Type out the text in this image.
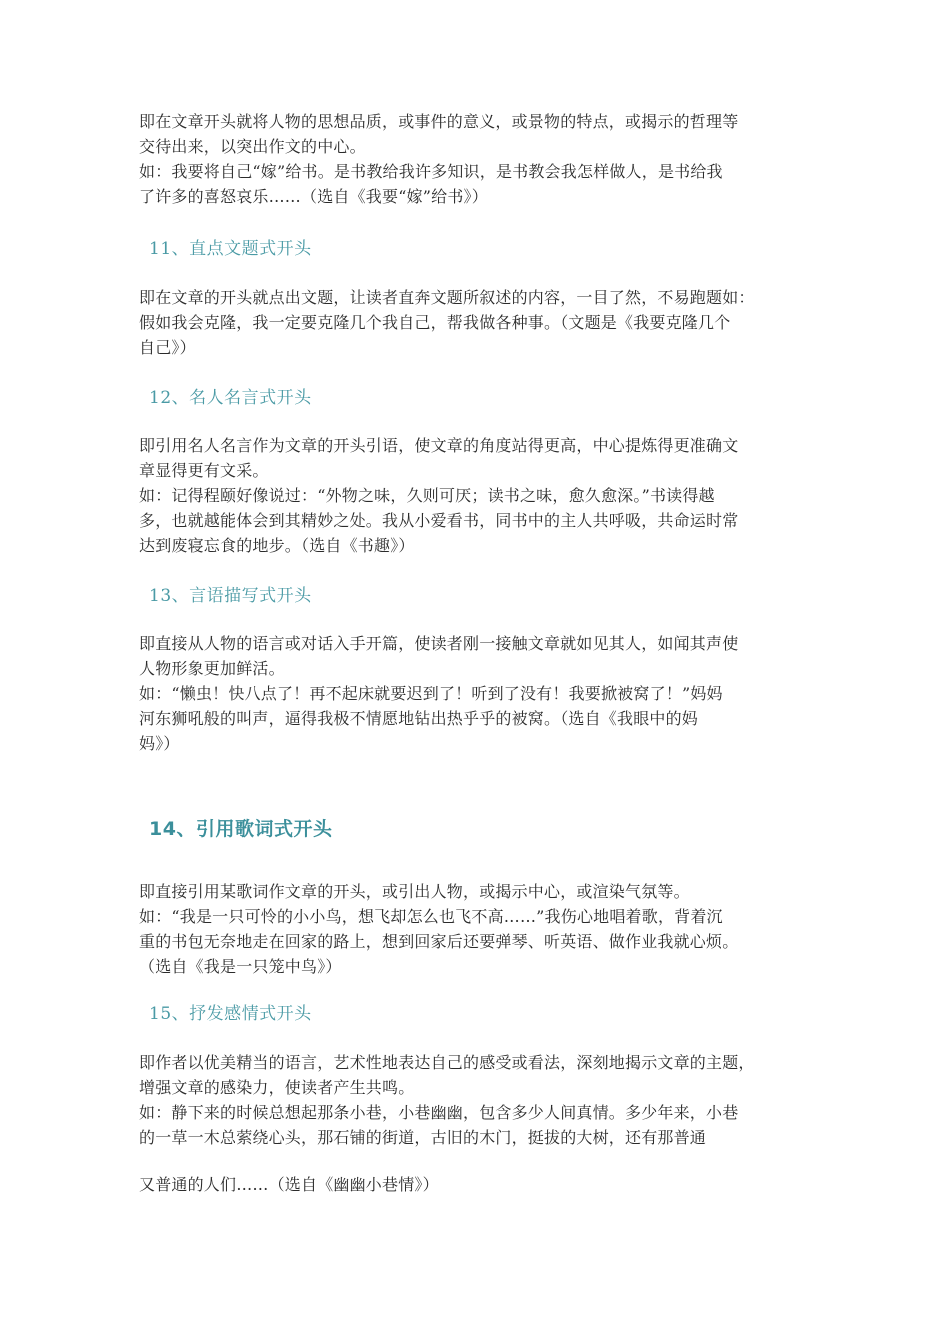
即在文章开头就将人物的思想品质，或事件的意义，或景物的特点，或揭示的哲理等
交待出来，以突出作文的中心。
如：我要将自己“嫁”给书。是书教给我许多知识，是书教会我怎样做人，是书给我
了许多的喜怒哀乐……（选自《我要“嫁”给书》）
11、直点文题式开头
即在文章的开头就点出文题，让读者直奔文题所叙述的内容，一目了然，不易跑题如：
假如我会克隆，我一定要克隆几个我自己，帮我做各种事。（文题是《我要克隆几个
自己》）
12、名人名言式开头
即引用名人名言作为文章的开头引语，使文章的角度站得更高，中心提炼得更准确文
章显得更有文采。
如：记得程颐好像说过：“外物之味，久则可厌；读书之味，愈久愈深。”书读得越
多，也就越能体会到其精妙之处。我从小爱看书，同书中的主人共呼吸，共命运时常
达到废寝忘食的地步。（选自《书趣》）
13、言语描写式开头
即直接从人物的语言或对话入手开篇，使读者刚一接触文章就如见其人，如闻其声使
人物形象更加鲜活。
如：“懒虫！快八点了！再不起床就要迟到了！听到了没有！我要掀被窝了！”妈妈
河东狮吼般的叫声，逼得我极不情愿地钻出热乎乎的被窝。（选自《我眼中的妈
妈》）
14、引用歌词式开头
即直接引用某歌词作文章的开头，或引出人物，或揭示中心，或渲染气氛等。
如：“我是一只可怜的小小鸟，想飞却怎么也飞不高……”我伤心地唱着歌，背着沉
重的书包无奈地走在回家的路上，想到回家后还要弹琴、听英语、做作业我就心烦。
（选自《我是一只笼中鸟》）
15、抒发感情式开头
即作者以优美精当的语言，艺术性地表达自己的感受或看法，深刻地揭示文章的主题，
增强文章的感染力，使读者产生共鸣。
如：静下来的时候总想起那条小巷，小巷幽幽，包含多少人间真情。多少年来，小巷
的一草一木总萦绕心头，那石铺的街道，古旧的木门，挺拔的大树，还有那普通
又普通的人们……（选自《幽幽小巷情》）
